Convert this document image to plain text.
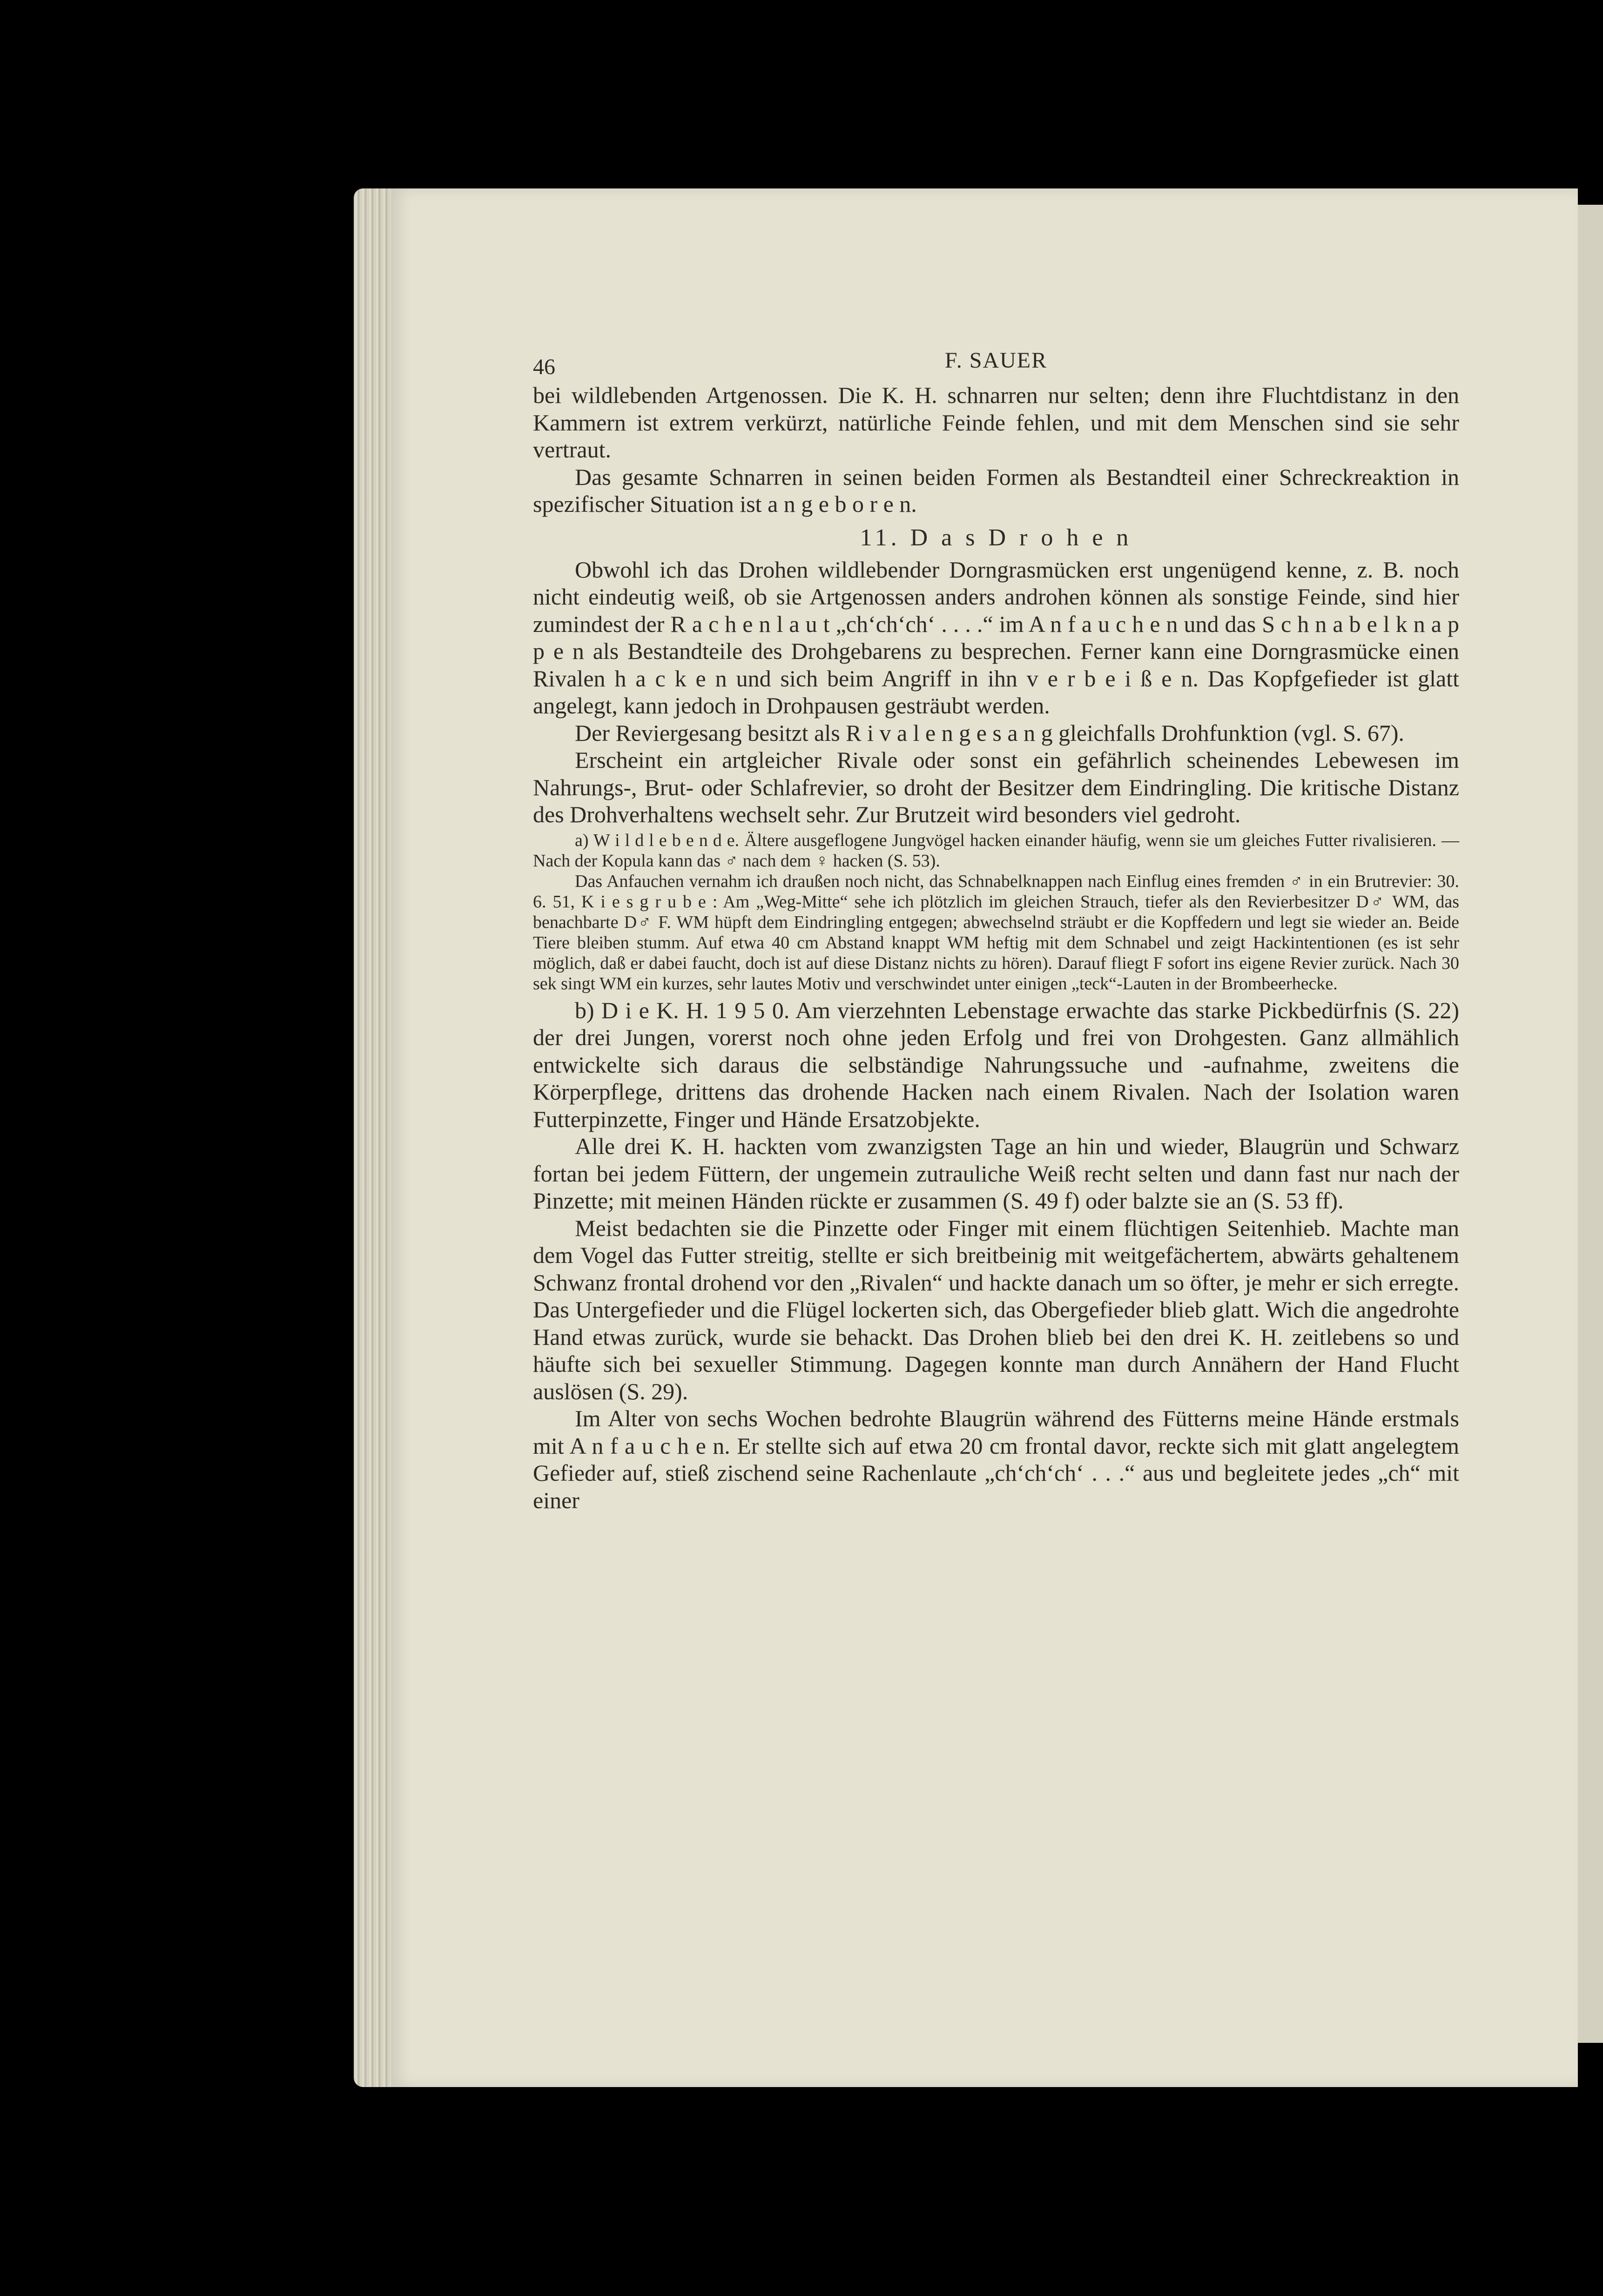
46	F. SAUER

bei wildlebenden Artgenossen. Die K. H. schnarren nur selten; denn ihre Fluchtdistanz in den Kammern ist extrem verkürzt, natürliche Feinde fehlen, und mit dem Menschen sind sie sehr vertraut.

Das gesamte Schnarren in seinen beiden Formen als Bestandteil einer Schreckreaktion in spezifischer Situation ist a n g e b o r e n.

11. D a s D r o h e n

Obwohl ich das Drohen wildlebender Dorngrasmücken erst ungenügend kenne, z. B. noch nicht eindeutig weiß, ob sie Artgenossen anders androhen können als sonstige Feinde, sind hier zumindest der R a c h e n l a u t „ch‘ch‘ch‘ . . . .“ im A n f a u c h e n und das S c h n a b e l k n a p p e n als Bestandteile des Drohgebarens zu besprechen. Ferner kann eine Dorngrasmücke einen Rivalen h a c k e n und sich beim Angriff in ihn v e r b e i ß e n. Das Kopfgefieder ist glatt angelegt, kann jedoch in Drohpausen gesträubt werden.

Der Reviergesang besitzt als R i v a l e n g e s a n g gleichfalls Drohfunktion (vgl. S. 67).

Erscheint ein artgleicher Rivale oder sonst ein gefährlich scheinendes Lebewesen im Nahrungs-, Brut- oder Schlafrevier, so droht der Besitzer dem Eindringling. Die kritische Distanz des Drohverhaltens wechselt sehr. Zur Brutzeit wird besonders viel gedroht.

a) W i l d l e b e n d e. Ältere ausgeflogene Jungvögel hacken einander häufig, wenn sie um gleiches Futter rivalisieren. — Nach der Kopula kann das ♂ nach dem ♀ hacken (S. 53).

Das Anfauchen vernahm ich draußen noch nicht, das Schnabelknappen nach Einflug eines fremden ♂ in ein Brutrevier: 30. 6. 51, K i e s g r u b e : Am „Weg-Mitte“ sehe ich plötzlich im gleichen Strauch, tiefer als den Revierbesitzer D♂ WM, das benachbarte D♂ F. WM hüpft dem Eindringling entgegen; abwechselnd sträubt er die Kopffedern und legt sie wieder an. Beide Tiere bleiben stumm. Auf etwa 40 cm Abstand knappt WM heftig mit dem Schnabel und zeigt Hackintentionen (es ist sehr möglich, daß er dabei faucht, doch ist auf diese Distanz nichts zu hören). Darauf fliegt F sofort ins eigene Revier zurück. Nach 30 sek singt WM ein kurzes, sehr lautes Motiv und verschwindet unter einigen „teck“-Lauten in der Brombeerhecke.

b) D i e K. H. 1 9 5 0. Am vierzehnten Lebenstage erwachte das starke Pickbedürfnis (S. 22) der drei Jungen, vorerst noch ohne jeden Erfolg und frei von Drohgesten. Ganz allmählich entwickelte sich daraus die selbständige Nahrungssuche und -aufnahme, zweitens die Körperpflege, drittens das drohende Hacken nach einem Rivalen. Nach der Isolation waren Futterpinzette, Finger und Hände Ersatzobjekte.

Alle drei K. H. hackten vom zwanzigsten Tage an hin und wieder, Blaugrün und Schwarz fortan bei jedem Füttern, der ungemein zutrauliche Weiß recht selten und dann fast nur nach der Pinzette; mit meinen Händen rückte er zusammen (S. 49 f) oder balzte sie an (S. 53 ff).

Meist bedachten sie die Pinzette oder Finger mit einem flüchtigen Seitenhieb. Machte man dem Vogel das Futter streitig, stellte er sich breitbeinig mit weitgefächertem, abwärts gehaltenem Schwanz frontal drohend vor den „Rivalen“ und hackte danach um so öfter, je mehr er sich erregte. Das Untergefieder und die Flügel lockerten sich, das Obergefieder blieb glatt. Wich die angedrohte Hand etwas zurück, wurde sie behackt. Das Drohen blieb bei den drei K. H. zeitlebens so und häufte sich bei sexueller Stimmung. Dagegen konnte man durch Annähern der Hand Flucht auslösen (S. 29).

Im Alter von sechs Wochen bedrohte Blaugrün während des Fütterns meine Hände erstmals mit A n f a u c h e n. Er stellte sich auf etwa 20 cm frontal davor, reckte sich mit glatt angelegtem Gefieder auf, stieß zischend seine Rachenlaute „ch‘ch‘ch‘ . . .“ aus und begleitete jedes „ch“ mit einer
